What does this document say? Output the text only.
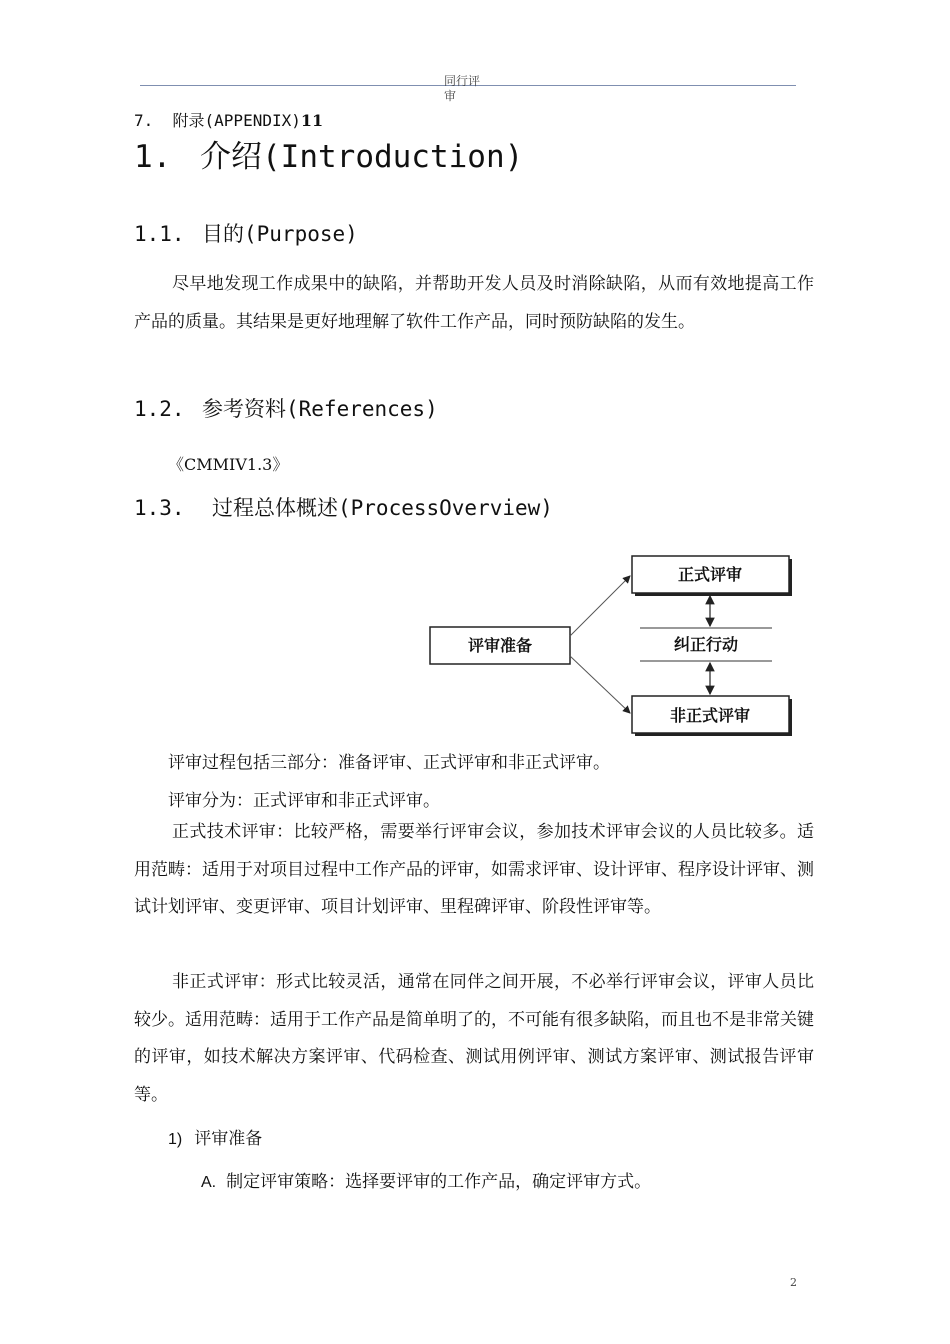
同行评审
7. 附录(APPENDIX)11
1. 介绍(Introduction)
1.1. 目的(Purpose)
尽早地发现工作成果中的缺陷，并帮助开发人员及时消除缺陷，从而有效地提高工作产品的质量。其结果是更好地理解了软件工作产品，同时预防缺陷的发生。
1.2. 参考资料(References)
《CMMIV1.3》
1.3. 过程总体概述(ProcessOverview)
评审准备
正式评审
纠正行动
非正式评审
评审过程包括三部分：准备评审、正式评审和非正式评审。
评审分为：正式评审和非正式评审。
正式技术评审：比较严格，需要举行评审会议，参加技术评审会议的人员比较多。适用范畴：适用于对项目过程中工作产品的评审，如需求评审、设计评审、程序设计评审、测试计划评审、变更评审、项目计划评审、里程碑评审、阶段性评审等。
非正式评审：形式比较灵活，通常在同伴之间开展，不必举行评审会议，评审人员比较少。适用范畴：适用于工作产品是简单明了的，不可能有很多缺陷，而且也不是非常关键的评审，如技术解决方案评审、代码检查、测试用例评审、测试方案评审、测试报告评审等。
1) 评审准备
A. 制定评审策略：选择要评审的工作产品，确定评审方式。
2
